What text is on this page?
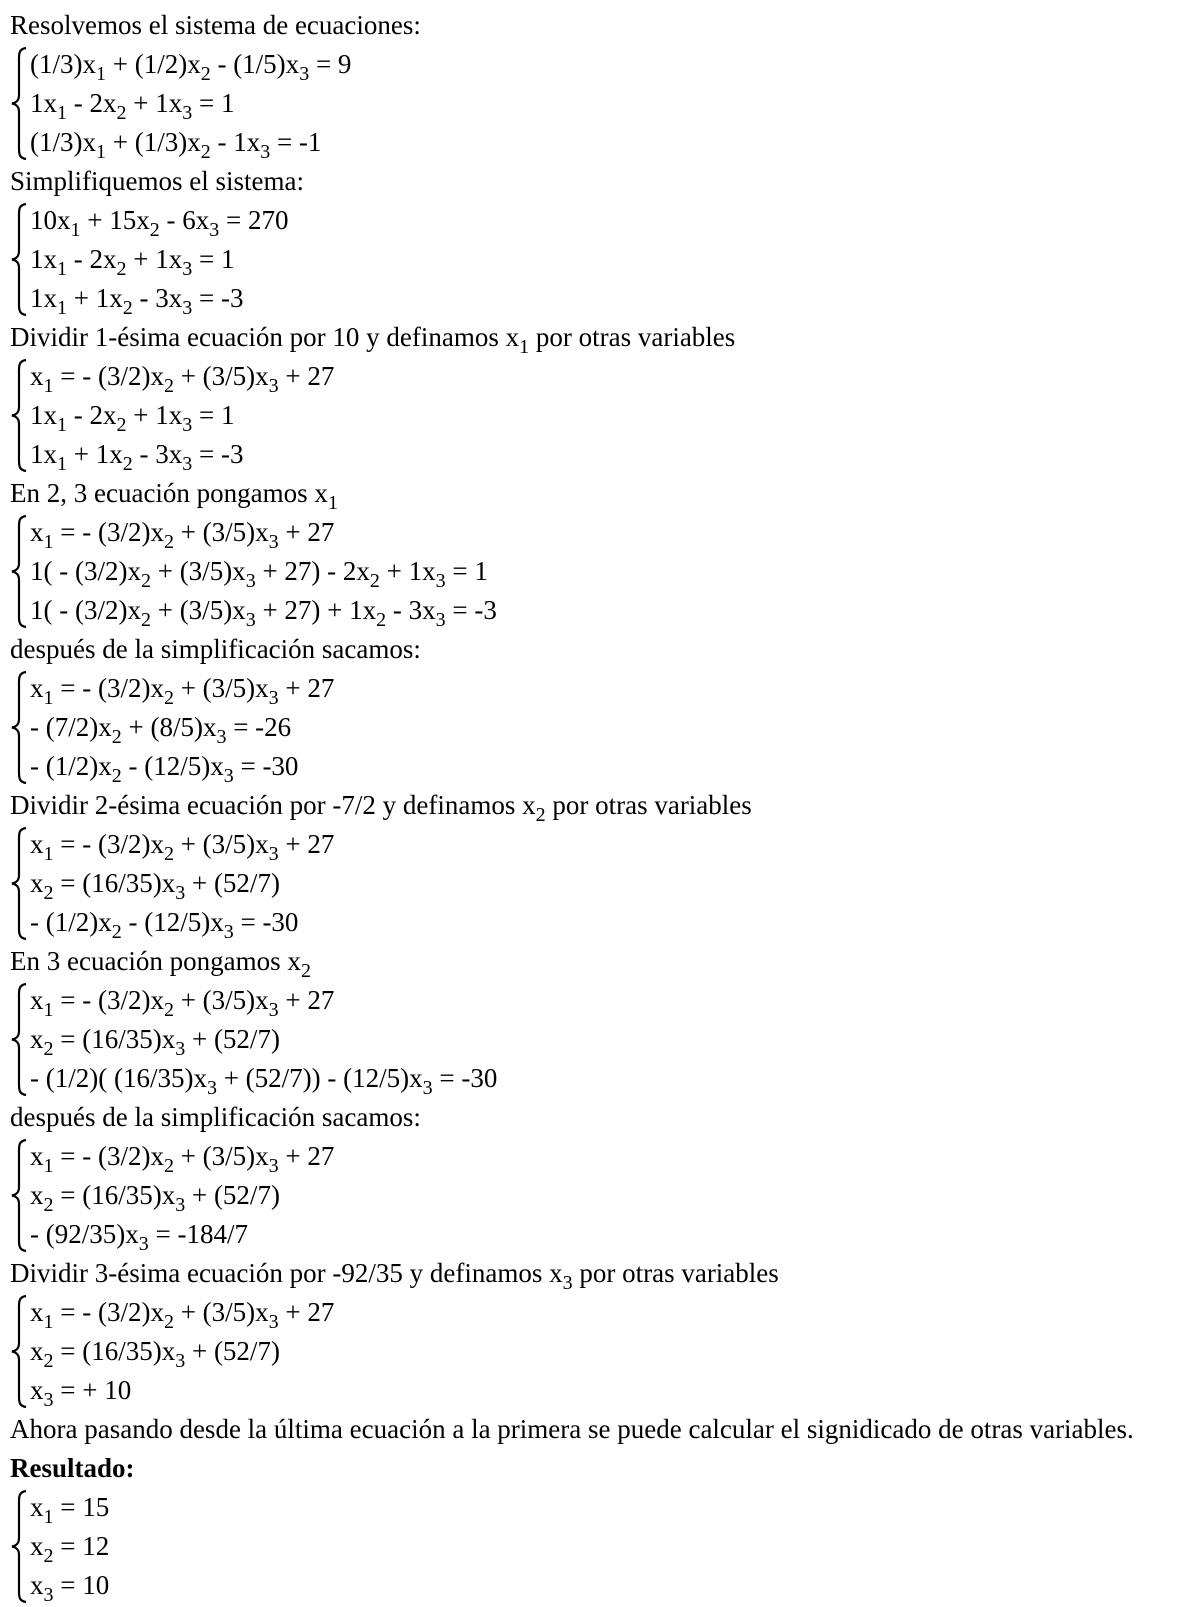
Resolvemos el sistema de ecuaciones:
$(1/3)x_1 + (1/2)x_2 - (1/5)x_3 = 9$
$1x_1 - 2x_2 + 1x_3 = 1$
$(1/3)x_1 + (1/3)x_2 - 1x_3 = -1$
Simplifiquemos el sistema:
$10x_1 + 15x_2 - 6x_3 = 270$
$1x_1 - 2x_2 + 1x_3 = 1$
$1x_1 + 1x_2 - 3x_3 = -3$
Dividir 1-ésima ecuación por 10 y definamos $x_1$ por otras variables
$x_1$ = - $(3/2)x_2 + (3/5)x_3 + 27$
$1x_1 - 2x_2 + 1x_3 = 1$
$1x_1 + 1x_2 - 3x_3 = -3$
En 2, 3 ecuación pongamos $x_1$
$x_1$ = - $(3/2)x_2 + (3/5)x_3 + 27$
$1( - (3/2)x_2 + (3/5)x_3 + 27) - 2x_2 + 1x_3 = 1$
$1( - (3/2)x_2 + (3/5)x_3 + 27) + 1x_2 - 3x_3 = -3$
después de la simplificación sacamos:
$x_1$ = - $(3/2)x_2 + (3/5)x_3 + 27$
- $(7/2)x_2 + (8/5)x_3 = -26$
- $(1/2)x_2 - (12/5)x_3 = -30$
Dividir 2-ésima ecuación por -7/2 y definamos $x_2$ por otras variables
$x_1$ = - $(3/2)x_2 + (3/5)x_3 + 27$
$x_2 = (16/35)x_3 + (52/7)$
- $(1/2)x_2 - (12/5)x_3 = -30$
En 3 ecuación pongamos $x_2$
$x_1$ = - $(3/2)x_2 + (3/5)x_3 + 27$
$x_2 = (16/35)x_3 + (52/7)$
- (1/2)( $(16/35)x_3 + (52/7)) - (12/5)x_3 = -30$
después de la simplificación sacamos:
$x_1$ = - $(3/2)x_2 + (3/5)x_3 + 27$
$x_2 = (16/35)x_3 + (52/7)$
- $(92/35)x_3 = -184/7$
Dividir 3-ésima ecuación por -92/35 y definamos $x_3$ por otras variables
$x_1$ = - $(3/2)x_2 + (3/5)x_3 + 27$
$x_2 = (16/35)x_3 + (52/7)$
$x_3$ = + 10
Ahora pasando desde la última ecuación a la primera se puede calcular el signidicado de otras variables.
Resultado:
$x_1 = 15$
$x_2 = 12$
$x_3 = 10$
